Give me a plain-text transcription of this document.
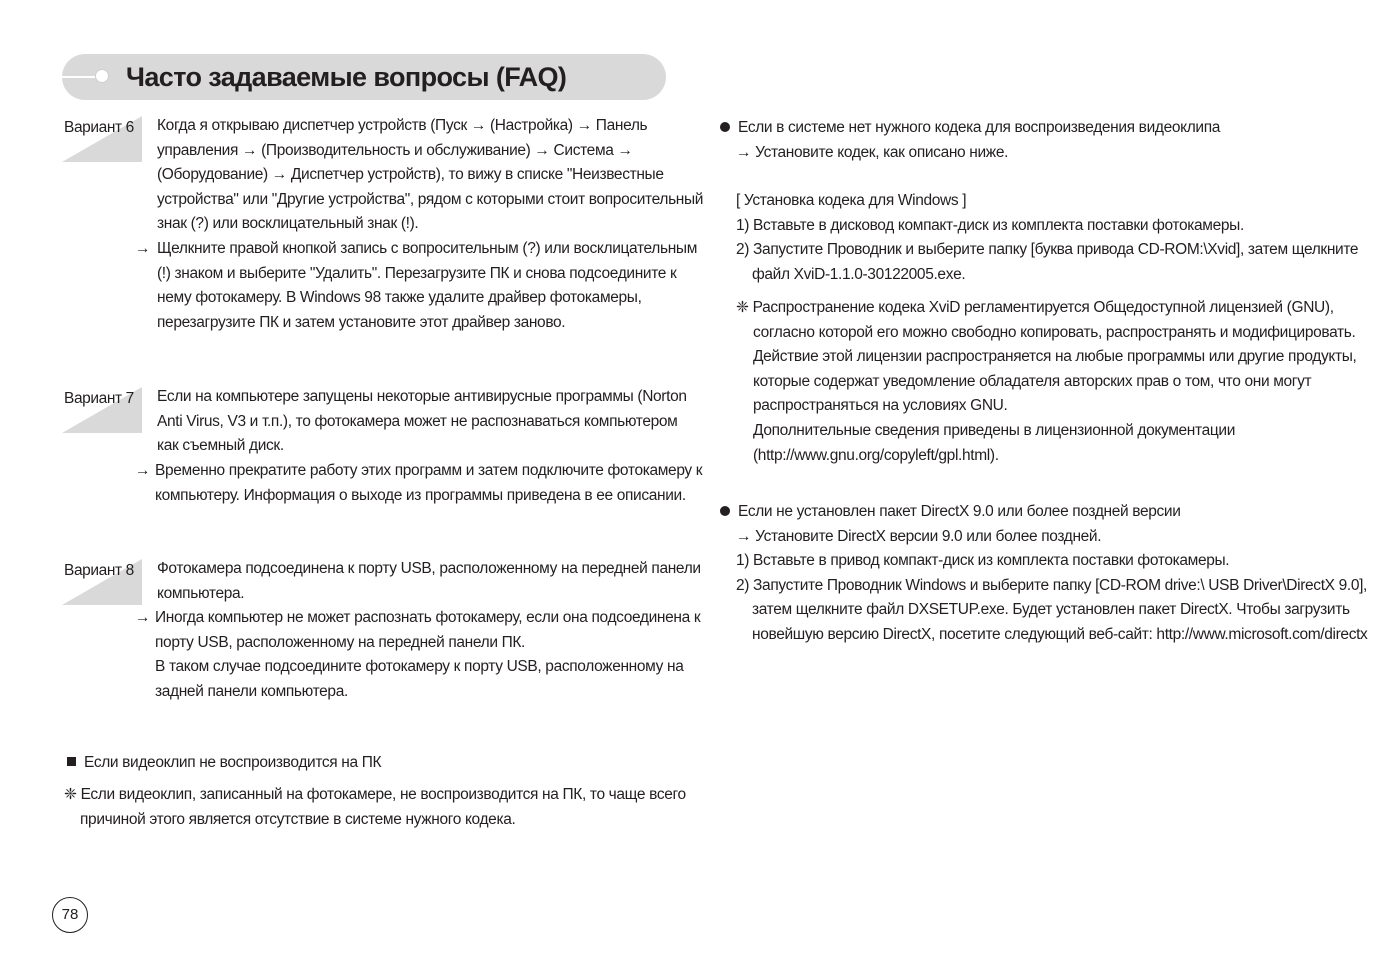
Часто задаваемые вопросы (FAQ)
Вариант 6 Когда я открываю диспетчер устройств (Пуск → (Настройка) → Панель
управления → (Производительность и обслуживание) → Система →
(Оборудование) → Диспетчер устройств), то вижу в списке "Неизвестные
устройства" или "Другие устройства", рядом с которыми стоит вопросительный
знак (?) или восклицательный знак (!).
→ Щелкните правой кнопкой запись с вопросительным (?) или восклицательным
(!) знаком и выберите "Удалить". Перезагрузите ПК и снова подсоедините к
нему фотокамеру. В Windows 98 также удалите драйвер фотокамеры,
перезагрузите ПК и затем установите этот драйвер заново.
Вариант 7 Если на компьютере запущены некоторые антивирусные программы (Norton
Anti Virus, V3 и т.п.), то фотокамера может не распознаваться компьютером
как съемный диск.
→ Временно прекратите работу этих программ и затем подключите фотокамеру к
компьютеру. Информация о выходе из программы приведена в ее описании.
Вариант 8 Фотокамера подсоединена к порту USB, расположенному на передней панели
компьютера.
→ Иногда компьютер не может распознать фотокамеру, если она подсоединена к
порту USB, расположенному на передней панели ПК.
В таком случае подсоедините фотокамеру к порту USB, расположенному на
задней панели компьютера.
Если видеоклип не воспроизводится на ПК
❈ Если видеоклип, записанный на фотокамере, не воспроизводится на ПК, то чаще всего
причиной этого является отсутствие в системе нужного кодека.
Если в системе нет нужного кодека для воспроизведения видеоклипа
→ Установите кодек, как описано ниже.
[ Установка кодека для Windows ]
1) Вставьте в дисковод компакт-диск из комплекта поставки фотокамеры.
2) Запустите Проводник и выберите папку [буква привода CD-ROM:\Xvid], затем щелкните
файл XviD-1.1.0-30122005.exe.
❈ Распространение кодека XviD регламентируется Общедоступной лицензией (GNU),
согласно которой его можно свободно копировать, распространять и модифицировать.
Действие этой лицензии распространяется на любые программы или другие продукты,
которые содержат уведомление обладателя авторских прав о том, что они могут
распространяться на условиях GNU.
Дополнительные сведения приведены в лицензионной документации
(http://www.gnu.org/copyleft/gpl.html).
Если не установлен пакет DirectX 9.0 или более поздней версии
→ Установите DirectX версии 9.0 или более поздней.
1) Вставьте в привод компакт-диск из комплекта поставки фотокамеры.
2) Запустите Проводник Windows и выберите папку [CD-ROM drive:\ USB Driver\DirectX 9.0],
затем щелкните файл DXSETUP.exe. Будет установлен пакет DirectX. Чтобы загрузить
новейшую версию DirectX, посетите следующий веб-сайт: http://www.microsoft.com/directx
78
